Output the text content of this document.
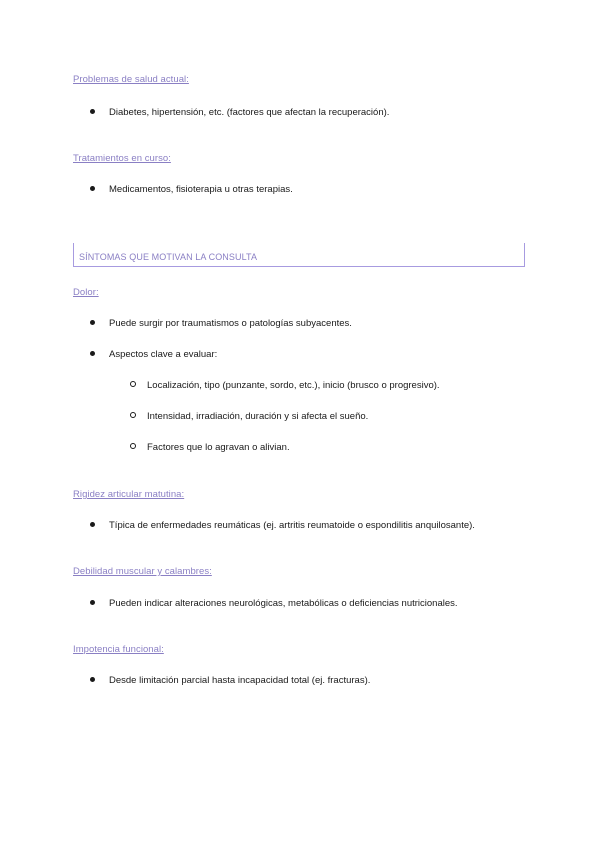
Problemas de salud actual:
Diabetes, hipertensión, etc. (factores que afectan la recuperación).
Tratamientos en curso:
Medicamentos, fisioterapia u otras terapias.
SÍNTOMAS QUE MOTIVAN LA CONSULTA
Dolor:
Puede surgir por traumatismos o patologías subyacentes.
Aspectos clave a evaluar:
Localización, tipo (punzante, sordo, etc.), inicio (brusco o progresivo).
Intensidad, irradiación, duración y si afecta el sueño.
Factores que lo agravan o alivian.
Rigidez articular matutina:
Típica de enfermedades reumáticas (ej. artritis reumatoide o espondilitis anquilosante).
Debilidad muscular y calambres:
Pueden indicar alteraciones neurológicas, metabólicas o deficiencias nutricionales.
Impotencia funcional:
Desde limitación parcial hasta incapacidad total (ej. fracturas).
